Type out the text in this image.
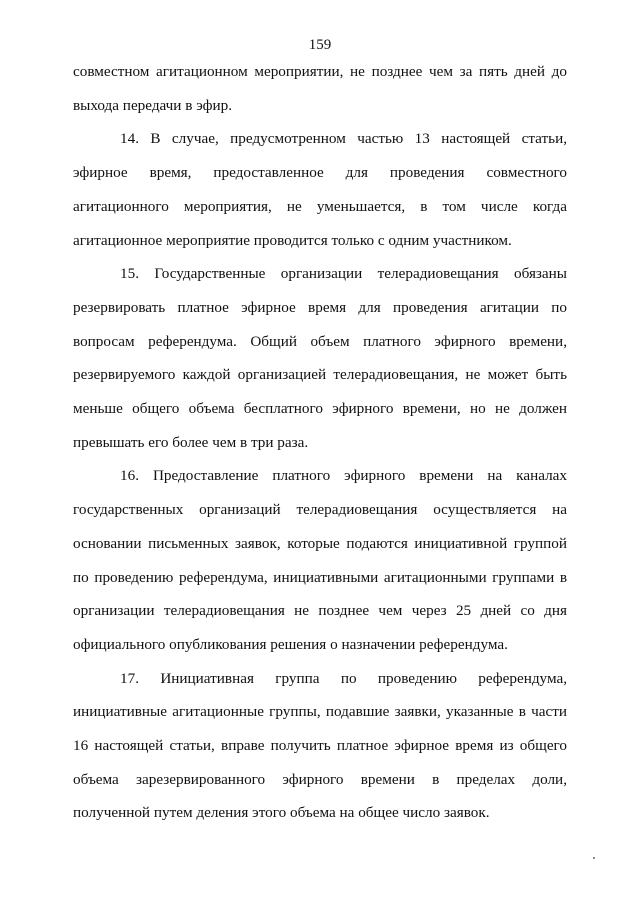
159

совместном агитационном мероприятии, не позднее чем за пять дней до выхода передачи в эфир.

14. В случае, предусмотренном частью 13 настоящей статьи, эфирное время, предоставленное для проведения совместного агитационного мероприятия, не уменьшается, в том числе когда агитационное мероприятие проводится только с одним участником.

15. Государственные организации телерадиовещания обязаны резервировать платное эфирное время для проведения агитации по вопросам референдума. Общий объем платного эфирного времени, резервируемого каждой организацией телерадиовещания, не может быть меньше общего объема бесплатного эфирного времени, но не должен превышать его более чем в три раза.

16. Предоставление платного эфирного времени на каналах государственных организаций телерадиовещания осуществляется на основании письменных заявок, которые подаются инициативной группой по проведению референдума, инициативными агитационными группами в организации телерадиовещания не позднее чем через 25 дней со дня официального опубликования решения о назначении референдума.

17. Инициативная группа по проведению референдума, инициативные агитационные группы, подавшие заявки, указанные в части 16 настоящей статьи, вправе получить платное эфирное время из общего объема зарезервированного эфирного времени в пределах доли, полученной путем деления этого объема на общее число заявок.
